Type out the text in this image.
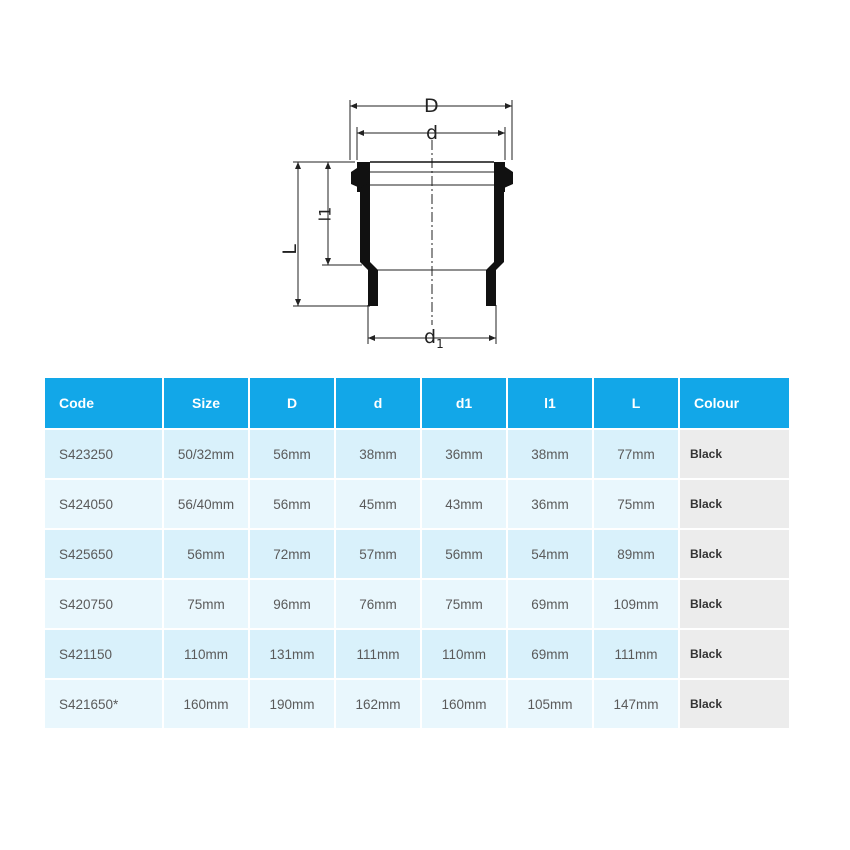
D
d
$d_1$
L
l1
Code	Size	D	d	d1	l1	L	Colour
S423250	50/32mm	56mm	38mm	36mm	38mm	77mm	Black
S424050	56/40mm	56mm	45mm	43mm	36mm	75mm	Black
S425650	56mm	72mm	57mm	56mm	54mm	89mm	Black
S420750	75mm	96mm	76mm	75mm	69mm	109mm	Black
S421150	110mm	131mm	111mm	110mm	69mm	111mm	Black
S421650*	160mm	190mm	162mm	160mm	105mm	147mm	Black
